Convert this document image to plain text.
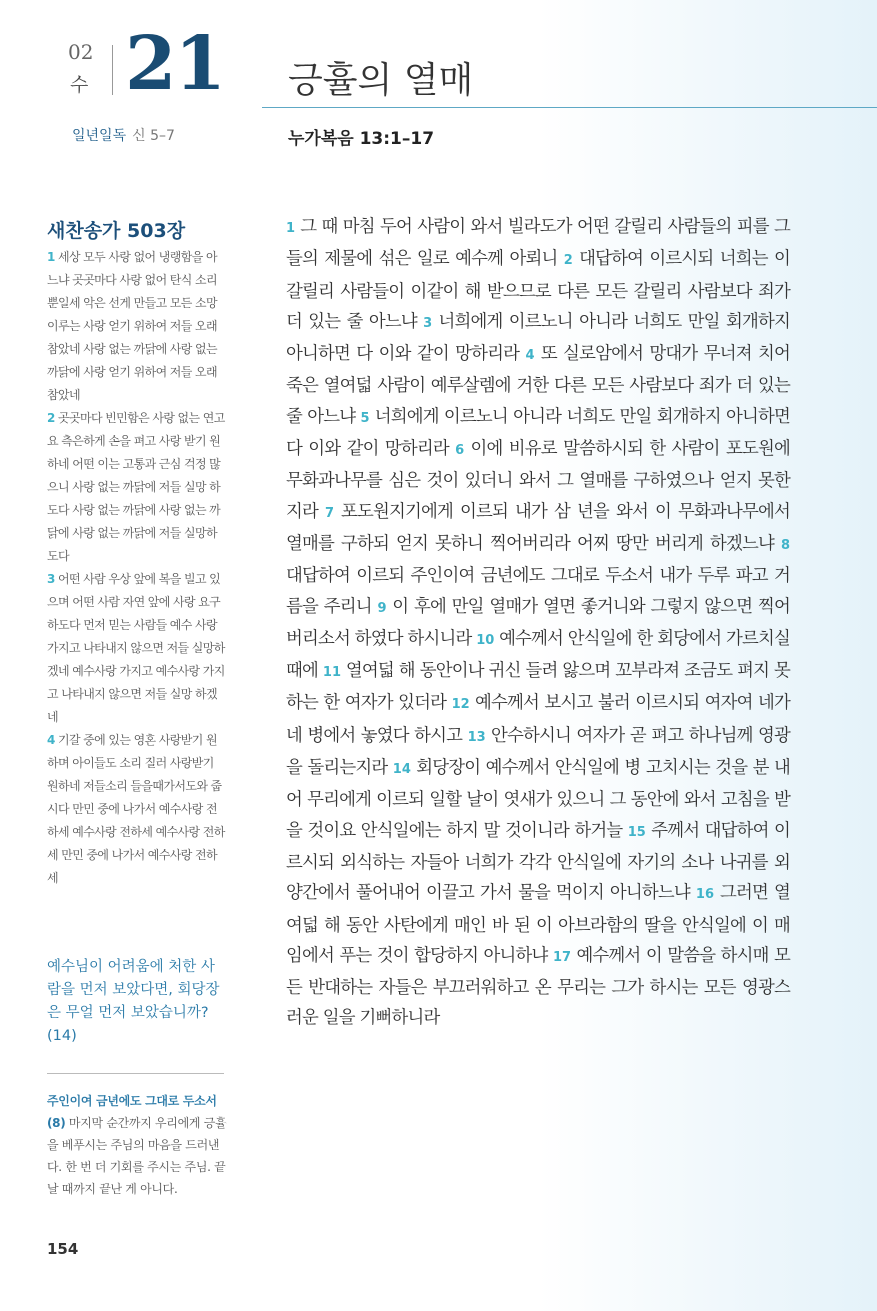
02
수 21 긍휼의 열매
일년일독 신 5–7	누가복음 13:1–17
새찬송가 503장

1 세상 모두 사랑 없어 냉랭함을 아느냐 곳곳마다 사랑 없어 탄식 소리 뿐일세 악은 선게 만들고 모든 소망 이루는 사랑 얻기 위하여 저들 오래 참았네 사랑 없는 까닭에 사랑 없는 까닭에 사랑 얻기 위하여 저들 오래 참았네

2 곳곳마다 빈민함은 사랑 없는 연고요 측은하게 손을 펴고 사랑 받기 원하네 어떤 이는 고통과 근심 걱정 많으니 사랑 없는 까닭에 저들 실망 하도다 사랑 없는 까닭에 사랑 없는 까닭에 사랑 없는 까닭에 저들 실망하도다

3 어떤 사람 우상 앞에 복을 빌고 있으며 어떤 사람 자연 앞에 사랑 요구하도다 먼저 믿는 사람들 예수 사랑가지고 나타내지 않으면 저들 실망하겠네 예수사랑 가지고 예수사랑 가지고 나타내지 않으면 저들 실망 하겠네

4 기갈 중에 있는 영혼 사랑받기 원하며 아이들도 소리 질러 사랑받기 원하네 저들소리 들을때가서도와 줍시다 만민 중에 나가서 예수사랑 전하세 예수사랑 전하세 예수사랑 전하세 만민 중에 나가서 예수사랑 전하세

예수님이 어려움에 처한 사람을 먼저 보았다면, 회당장은 무얼 먼저 보았습니까? (14)

주인이여 금년에도 그대로 두소서(8) 마지막 순간까지 우리에게 긍휼을 베푸시는 주님의 마음을 드러낸다. 한 번 더 기회를 주시는 주님. 끝날 때까지 끝난 게 아니다.

154

1 그 때 마침 두어 사람이 와서 빌라도가 어떤 갈릴리 사람들의 피를 그들의 제물에 섞은 일로 예수께 아뢰니 2 대답하여 이르시되 너희는 이 갈릴리 사람들이 이같이 해 받으므로 다른 모든 갈릴리 사람보다 죄가 더 있는 줄 아느냐 3 너희에게 이르노니 아니라 너희도 만일 회개하지 아니하면 다 이와 같이 망하리라 4 또 실로암에서 망대가 무너져 치어 죽은 열여덟 사람이 예루살렘에 거한 다른 모든 사람보다 죄가 더 있는 줄 아느냐 5 너희에게 이르노니 아니라 너희도 만일 회개하지 아니하면 다 이와 같이 망하리라 6 이에 비유로 말씀하시되 한 사람이 포도원에 무화과나무를 심은 것이 있더니 와서 그 열매를 구하였으나 얻지 못한지라 7 포도원지기에게 이르되 내가 삼 년을 와서 이 무화과나무에서 열매를 구하되 얻지 못하니 찍어버리라 어찌 땅만 버리게 하겠느냐 8 대답하여 이르되 주인이여 금년에도 그대로 두소서 내가 두루 파고 거름을 주리니 9 이 후에 만일 열매가 열면 좋거니와 그렇지 않으면 찍어버리소서 하였다 하시니라 10 예수께서 안식일에 한 회당에서 가르치실 때에 11 열여덟 해 동안이나 귀신 들려 앓으며 꼬부라져 조금도 펴지 못하는 한 여자가 있더라 12 예수께서 보시고 불러 이르시되 여자여 네가 네 병에서 놓였다 하시고 13 안수하시니 여자가 곧 펴고 하나님께 영광을 돌리는지라 14 회당장이 예수께서 안식일에 병 고치시는 것을 분 내어 무리에게 이르되 일할 날이 엿새가 있으니 그 동안에 와서 고침을 받을 것이요 안식일에는 하지 말 것이니라 하거늘 15 주께서 대답하여 이르시되 외식하는 자들아 너희가 각각 안식일에 자기의 소나 나귀를 외양간에서 풀어내어 이끌고 가서 물을 먹이지 아니하느냐 16 그러면 열여덟 해 동안 사탄에게 매인 바 된 이 아브라함의 딸을 안식일에 이 매임에서 푸는 것이 합당하지 아니하냐 17 예수께서 이 말씀을 하시매 모든 반대하는 자들은 부끄러워하고 온 무리는 그가 하시는 모든 영광스러운 일을 기뻐하니라
